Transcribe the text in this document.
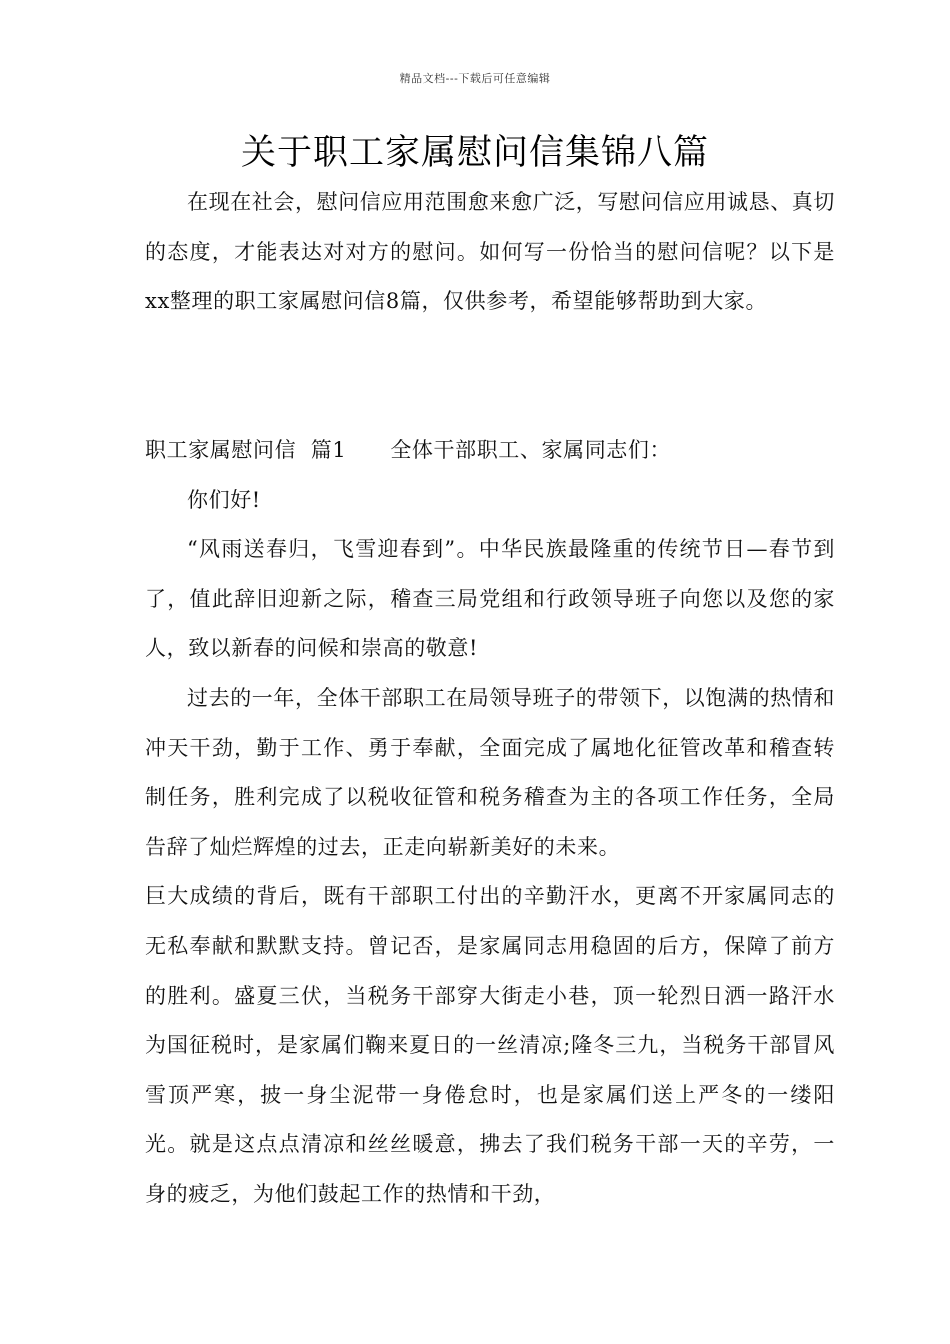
精品文档---下载后可任意编辑
关于职工家属慰问信集锦八篇

在现在社会，慰问信应用范围愈来愈广泛，写慰问信应用诚恳、真切的态度，才能表达对对方的慰问。如何写一份恰当的慰问信呢？以下是xx整理的职工家属慰问信8篇，仅供参考，希望能够帮助到大家。

职工家属慰问信  篇1 全体干部职工、家属同志们：

你们好!

“风雨送春归，飞雪迎春到”。中华民族最隆重的传统节日—春节到了，值此辞旧迎新之际，稽查三局党组和行政领导班子向您以及您的家人，致以新春的问候和崇高的敬意!

过去的一年，全体干部职工在局领导班子的带领下，以饱满的热情和冲天干劲，勤于工作、勇于奉献，全面完成了属地化征管改革和稽查转制任务，胜利完成了以税收征管和税务稽查为主的各项工作任务，全局告辞了灿烂辉煌的过去，正走向崭新美好的未来。

巨大成绩的背后，既有干部职工付出的辛勤汗水，更离不开家属同志的无私奉献和默默支持。曾记否，是家属同志用稳固的后方，保障了前方的胜利。盛夏三伏，当税务干部穿大街走小巷，顶一轮烈日洒一路汗水为国征税时，是家属们鞠来夏日的一丝清凉;隆冬三九，当税务干部冒风雪顶严寒，披一身尘泥带一身倦怠时，也是家属们送上严冬的一缕阳光。就是这点点清凉和丝丝暖意，拂去了我们税务干部一天的辛劳，一身的疲乏，为他们鼓起工作的热情和干劲，
